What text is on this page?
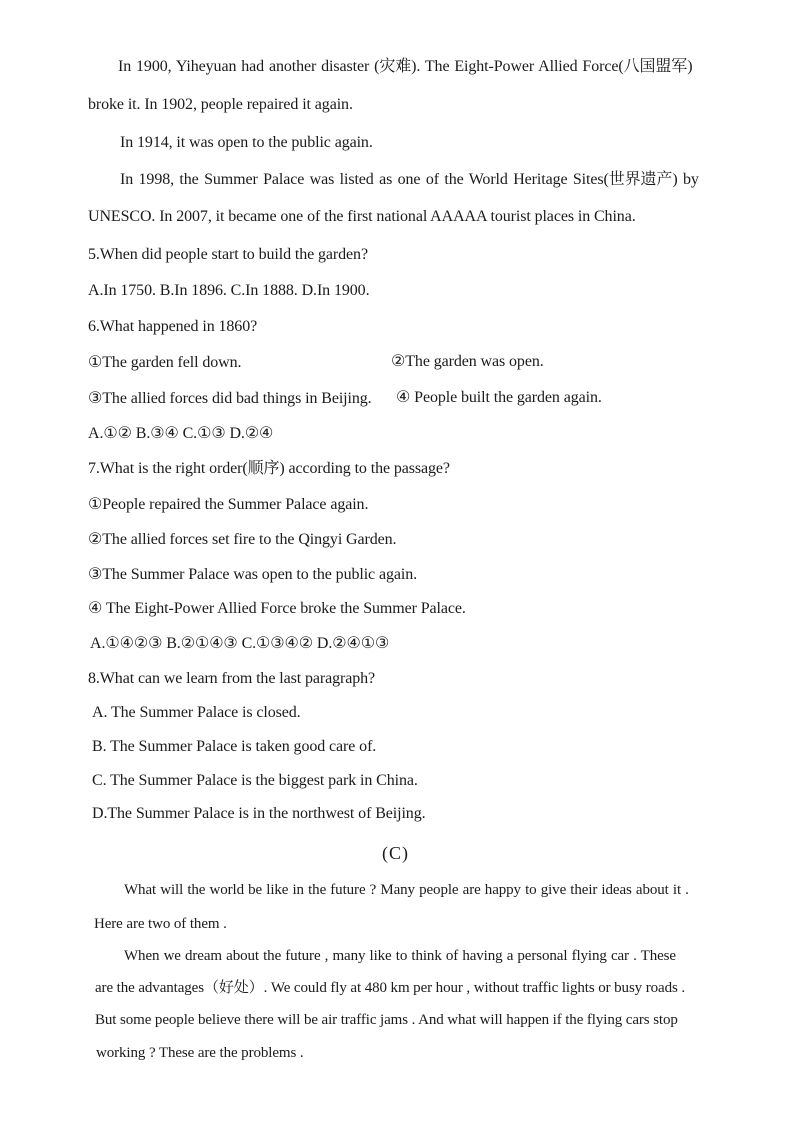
In 1900, Yiheyuan had another disaster (灾难). The Eight-Power Allied Force(八国盟军)
broke it. In 1902, people repaired it again.
In 1914, it was open to the public again.
In 1998, the Summer Palace was listed as one of the World Heritage Sites(世界遗产) by
UNESCO. In 2007, it became one of the first national AAAAA tourist places in China.
5.When did people start to build the garden?
A.In 1750. B.In 1896. C.In 1888. D.In 1900.
6.What happened in 1860?
①The garden fell down.	②The garden was open.
③The allied forces did bad things in Beijing. ④ People built the garden again.
A.①② B.③④ C.①③ D.②④
7.What is the right order(顺序) according to the passage?
①People repaired the Summer Palace again.
②The allied forces set fire to the Qingyi Garden.
③The Summer Palace was open to the public again.
④ The Eight-Power Allied Force broke the Summer Palace.
A.①④②③ B.②①④③ C.①③④② D.②④①③
8.What can we learn from the last paragraph?
A. The Summer Palace is closed.
B. The Summer Palace is taken good care of.
C. The Summer Palace is the biggest park in China.
D.The Summer Palace is in the northwest of Beijing.
(C)
What will the world be like in the future ? Many people are happy to give their ideas about it .
Here are two of them .
When we dream about the future , many like to think of having a personal flying car . These
are the advantages（好处）. We could fly at 480 km per hour , without traffic lights or busy roads .
But some people believe there will be air traffic jams . And what will happen if the flying cars stop
working ? These are the problems .
